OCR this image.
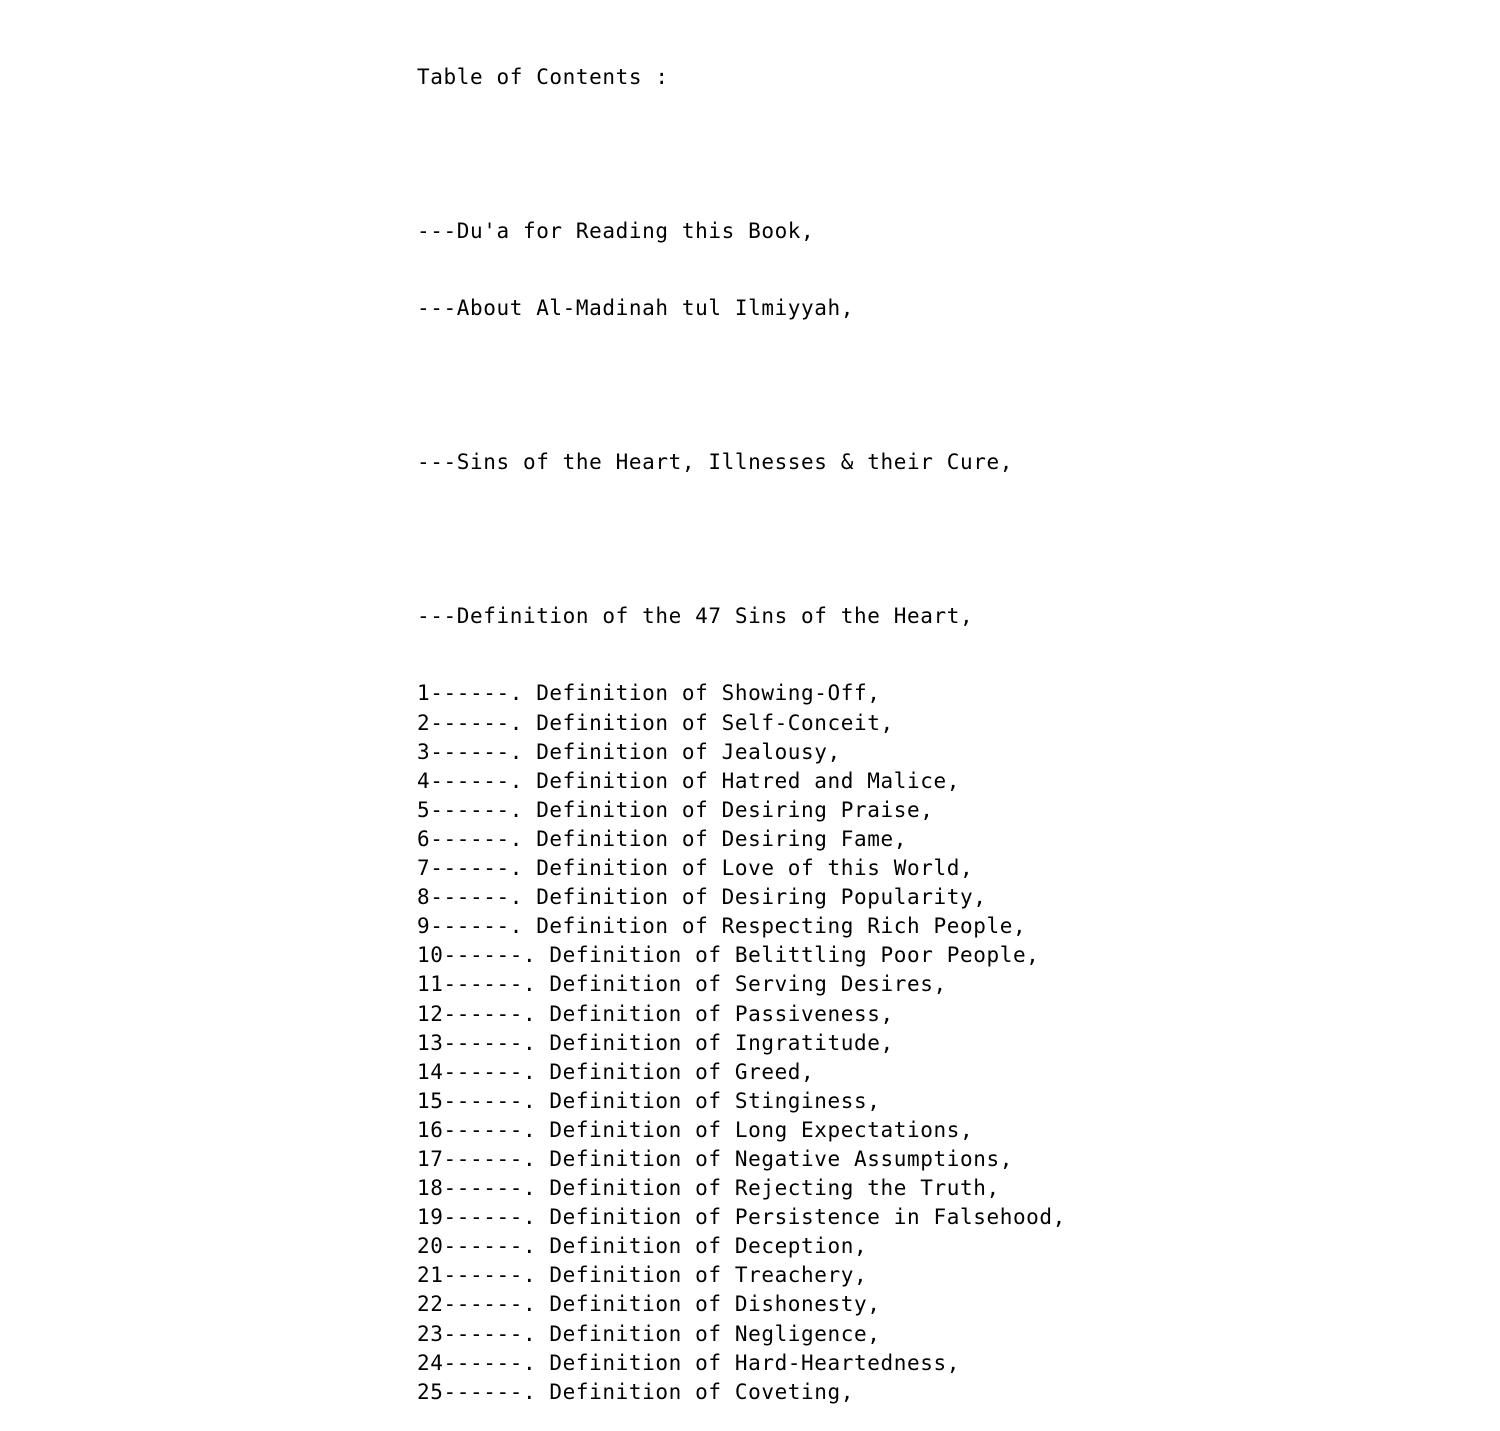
Table of Contents :

---Du'a for Reading this Book,

---About Al-Madinah tul Ilmiyyah,

---Sins of the Heart, Illnesses & their Cure,

---Definition of the 47 Sins of the Heart,

1------. Definition of Showing-Off,
2------. Definition of Self-Conceit,
3------. Definition of Jealousy,
4------. Definition of Hatred and Malice,
5------. Definition of Desiring Praise,
6------. Definition of Desiring Fame,
7------. Definition of Love of this World,
8------. Definition of Desiring Popularity,
9------. Definition of Respecting Rich People,
10------. Definition of Belittling Poor People,
11------. Definition of Serving Desires,
12------. Definition of Passiveness,
13------. Definition of Ingratitude,
14------. Definition of Greed,
15------. Definition of Stinginess,
16------. Definition of Long Expectations,
17------. Definition of Negative Assumptions,
18------. Definition of Rejecting the Truth,
19------. Definition of Persistence in Falsehood,
20------. Definition of Deception,
21------. Definition of Treachery,
22------. Definition of Dishonesty,
23------. Definition of Negligence,
24------. Definition of Hard-Heartedness,
25------. Definition of Coveting,
